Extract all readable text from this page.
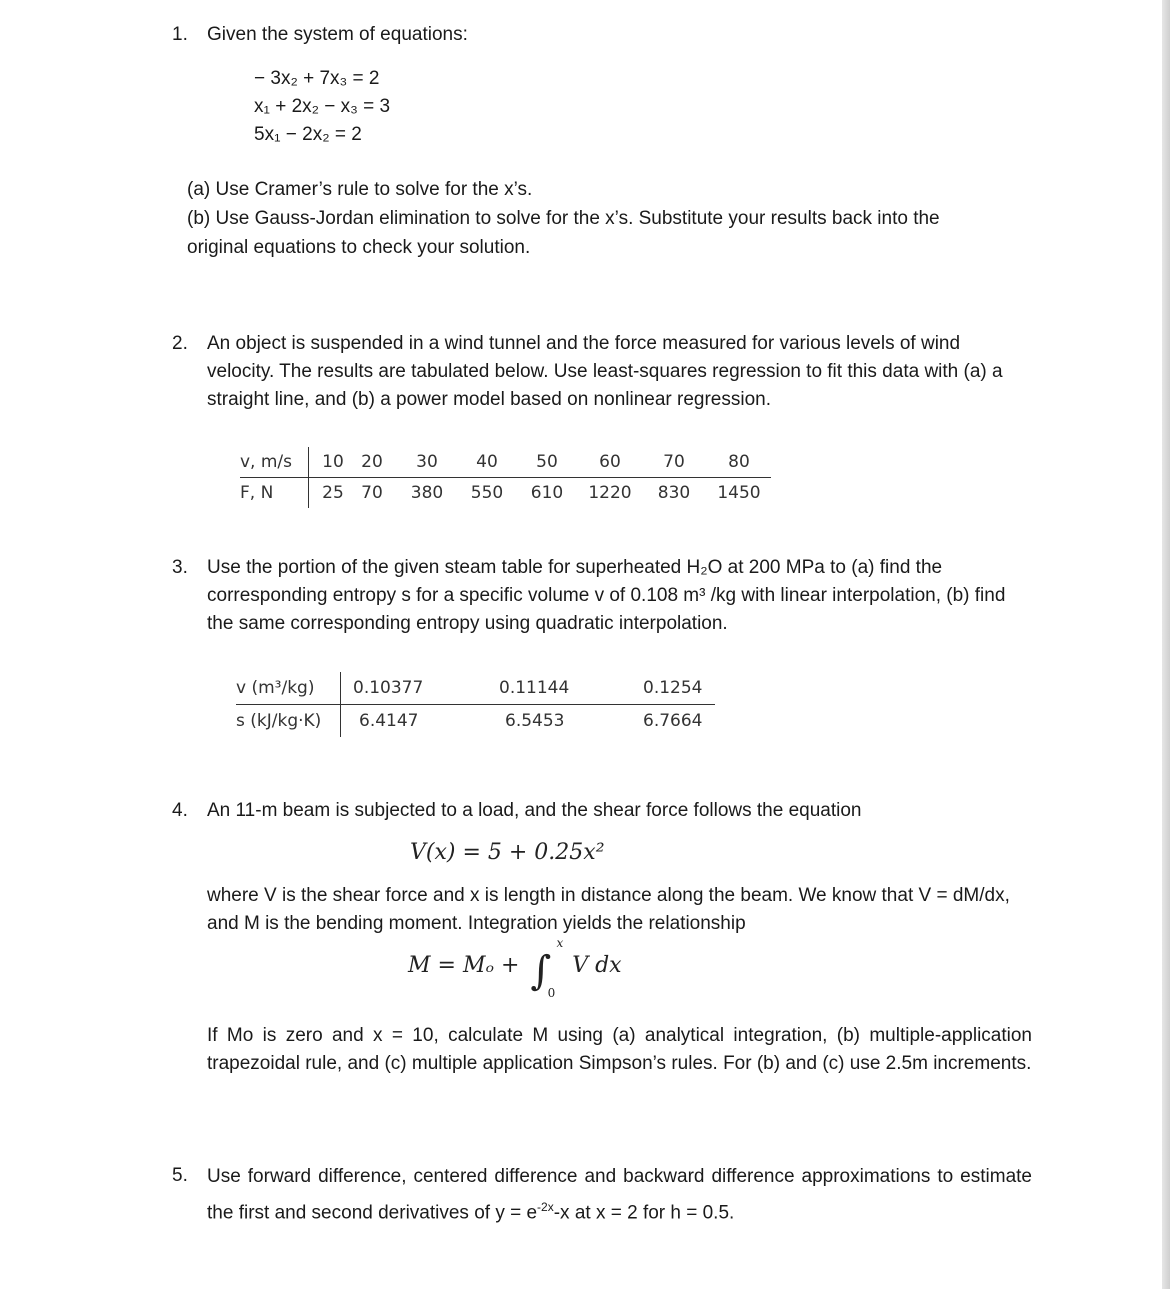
1.	Given the system of equations:
− 3x₂ + 7x₃ = 2
x₁ + 2x₂ − x₃ = 3
5x₁ − 2x₂ = 2
(a) Use Cramer’s rule to solve for the x’s.
(b) Use Gauss-Jordan elimination to solve for the x’s. Substitute your results back into the original equations to check your solution.
2.	An object is suspended in a wind tunnel and the force measured for various levels of wind velocity. The results are tabulated below. Use least-squares regression to fit this data with (a) a straight line, and (b) a power model based on nonlinear regression.
v, m/s	10	20	30	40	50	60	70	80
F, N	25	70	380	550	610	1220	830	1450
3.	Use the portion of the given steam table for superheated H₂O at 200 MPa to (a) find the corresponding entropy s for a specific volume v of 0.108 m³ /kg with linear interpolation, (b) find the same corresponding entropy using quadratic interpolation.
v (m³/kg)	0.10377	0.11144	0.1254
s (kJ/kg·K)	6.4147	6.5453	6.7664
4.	An 11-m beam is subjected to a load, and the shear force follows the equation
V(x) = 5 + 0.25x²
where V is the shear force and x is length in distance along the beam. We know that V = dM/dx, and M is the bending moment. Integration yields the relationship
M = Mₒ + ∫
x
0
V dx
If Mo is zero and x = 10, calculate M using (a) analytical integration, (b) multiple-application trapezoidal rule, and (c) multiple application Simpson’s rules. For (b) and (c) use 2.5m increments.
5.	Use forward difference, centered difference and backward difference approximations to estimate the first and second derivatives of $y = e^{-2x}-x$ at x = 2 for h = 0.5.
